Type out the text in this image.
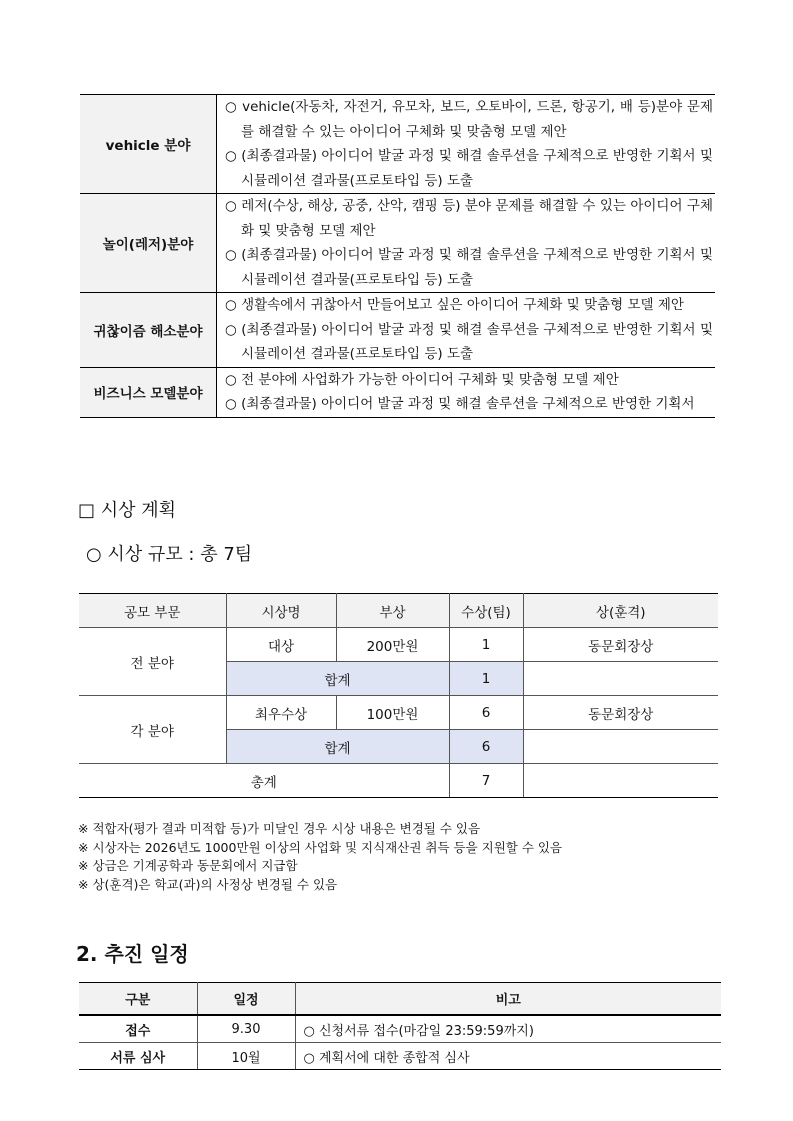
vehicle 분야	○ vehicle(자동차, 자전거, 유모차, 보드, 오토바이, 드론, 항공기, 배 등)분야 문제를 해결할 수 있는 아이디어 구체화 및 맞춤형 모델 제안
○ (최종결과물) 아이디어 발굴 과정 및 해결 솔루션을 구체적으로 반영한 기획서 및 시뮬레이션 결과물(프로토타입 등) 도출

놀이(레저)분야	○ 레저(수상, 해상, 공중, 산악, 캠핑 등) 분야 문제를 해결할 수 있는 아이디어 구체화 및 맞춤형 모델 제안
○ (최종결과물) 아이디어 발굴 과정 및 해결 솔루션을 구체적으로 반영한 기획서 및 시뮬레이션 결과물(프로토타입 등) 도출

귀찮이즘 해소분야	○ 생활속에서 귀찮아서 만들어보고 싶은 아이디어 구체화 및 맞춤형 모델 제안
○ (최종결과물) 아이디어 발굴 과정 및 해결 솔루션을 구체적으로 반영한 기획서 및 시뮬레이션 결과물(프로토타입 등) 도출

비즈니스 모델분야	○ 전 분야에 사업화가 가능한 아이디어 구체화 및 맞춤형 모델 제안
○ (최종결과물) 아이디어 발굴 과정 및 해결 솔루션을 구체적으로 반영한 기획서
□ 시상 계획
○ 시상 규모 : 총 7팀
공모 부문	시상명	부상	수상(팀)	상(훈격)
전 분야	대상	200만원	1	동문회장상
	합계		1	
각 분야	최우수상	100만원	6	동문회장상
	합계		6	
총계			7	
※ 적합자(평가 결과 미적합 등)가 미달인 경우 시상 내용은 변경될 수 있음
※ 시상자는 2026년도 1000만원 이상의 사업화 및 지식재산권 취득 등을 지원할 수 있음
※ 상금은 기계공학과 동문회에서 지급함
※ 상(훈격)은 학교(과)의 사정상 변경될 수 있음
2. 추진 일정
구분	일정	비고
접수	9.30	○ 신청서류 접수(마감일 23:59:59까지)
서류 심사	10월	○ 계획서에 대한 종합적 심사
